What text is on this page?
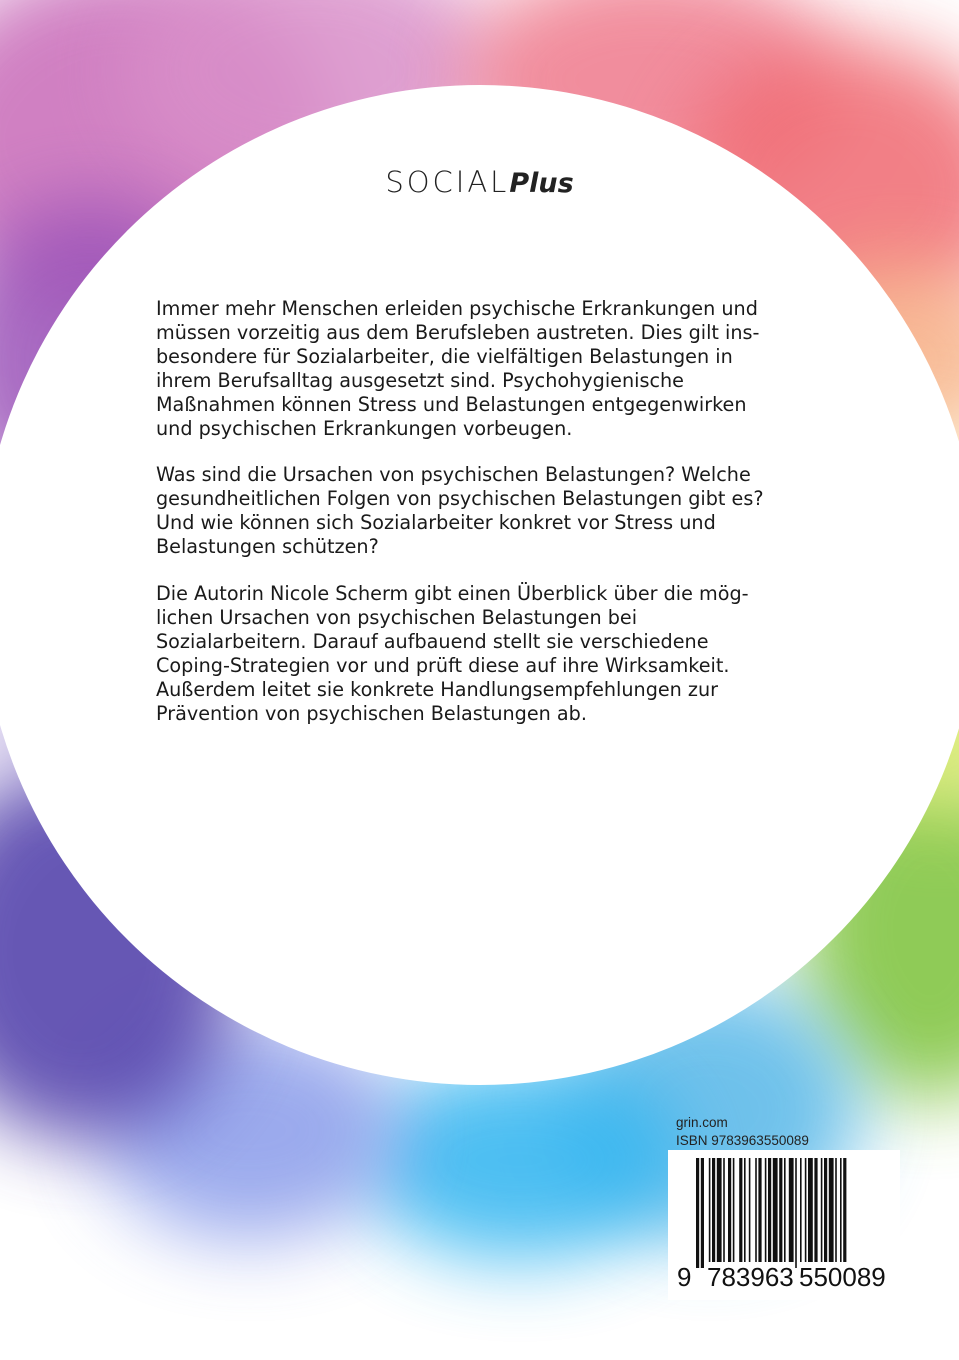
SOCIALPlus
Immer mehr Menschen erleiden psychische Erkrankungen und
müssen vorzeitig aus dem Berufsleben austreten. Dies gilt ins-
besondere für Sozialarbeiter, die vielfältigen Belastungen in
ihrem Berufsalltag ausgesetzt sind. Psychohygienische
Maßnahmen können Stress und Belastungen entgegenwirken
und psychischen Erkrankungen vorbeugen.
Was sind die Ursachen von psychischen Belastungen? Welche
gesundheitlichen Folgen von psychischen Belastungen gibt es?
Und wie können sich Sozialarbeiter konkret vor Stress und
Belastungen schützen?
Die Autorin Nicole Scherm gibt einen Überblick über die mög-
lichen Ursachen von psychischen Belastungen bei
Sozialarbeitern. Darauf aufbauend stellt sie verschiedene
Coping-Strategien vor und prüft diese auf ihre Wirksamkeit.
Außerdem leitet sie konkrete Handlungsempfehlungen zur
Prävention von psychischen Belastungen ab.
grin.com
ISBN 9783963550089
9 783963 550089
